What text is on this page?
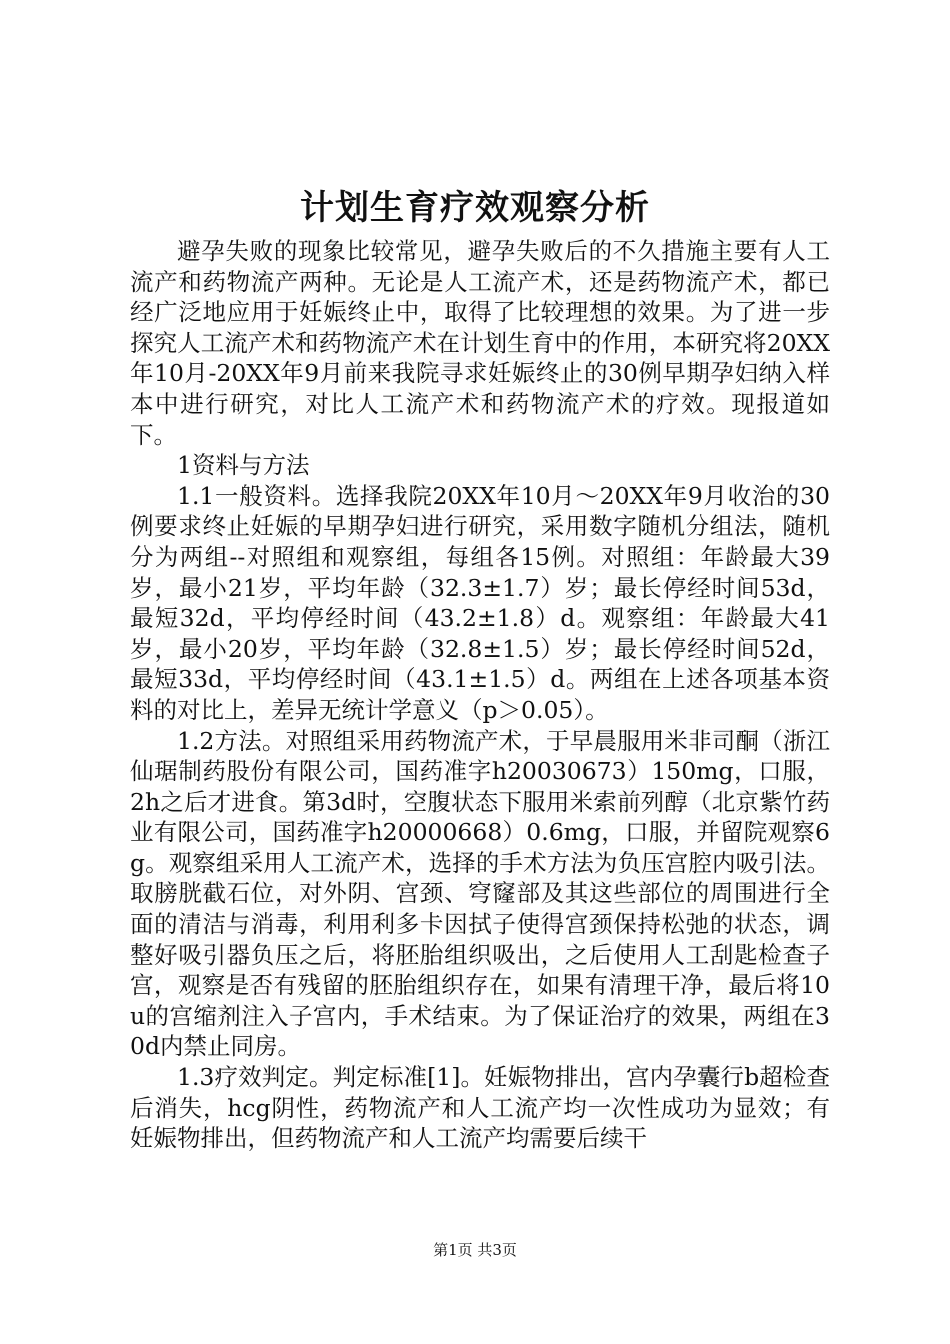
计划生育疗效观察分析

避孕失败的现象比较常见，避孕失败后的不久措施主要有人工流产和药物流产两种。无论是人工流产术，还是药物流产术，都已经广泛地应用于妊娠终止中，取得了比较理想的效果。为了进一步探究人工流产术和药物流产术在计划生育中的作用，本研究将20XX年10月-20XX年9月前来我院寻求妊娠终止的30例早期孕妇纳入样本中进行研究，对比人工流产术和药物流产术的疗效。现报道如下。

1资料与方法

1.1一般资料。选择我院20XX年10月～20XX年9月收治的30例要求终止妊娠的早期孕妇进行研究，采用数字随机分组法，随机分为两组--对照组和观察组，每组各15例。对照组：年龄最大39岁，最小21岁，平均年龄（32.3±1.7）岁；最长停经时间53d，最短32d，平均停经时间（43.2±1.8）d。观察组：年龄最大41岁，最小20岁，平均年龄（32.8±1.5）岁；最长停经时间52d，最短33d，平均停经时间（43.1±1.5）d。两组在上述各项基本资料的对比上，差异无统计学意义（p＞0.05）。

1.2方法。对照组采用药物流产术，于早晨服用米非司酮（浙江仙琚制药股份有限公司，国药准字h20030673）150mg，口服，2h之后才进食。第3d时，空腹状态下服用米索前列醇（北京紫竹药业有限公司，国药准字h20000668）0.6mg，口服，并留院观察6g。观察组采用人工流产术，选择的手术方法为负压宫腔内吸引法。取膀胱截石位，对外阴、宫颈、穹窿部及其这些部位的周围进行全面的清洁与消毒，利用利多卡因拭子使得宫颈保持松弛的状态，调整好吸引器负压之后，将胚胎组织吸出，之后使用人工刮匙检查子宫，观察是否有残留的胚胎组织存在，如果有清理干净，最后将10u的宫缩剂注入子宫内，手术结束。为了保证治疗的效果，两组在30d内禁止同房。

1.3疗效判定。判定标准[1]。妊娠物排出，宫内孕囊行b超检查后消失，hcg阴性，药物流产和人工流产均一次性成功为显效；有妊娠物排出，但药物流产和人工流产均需要后续干

第1页 共3页
